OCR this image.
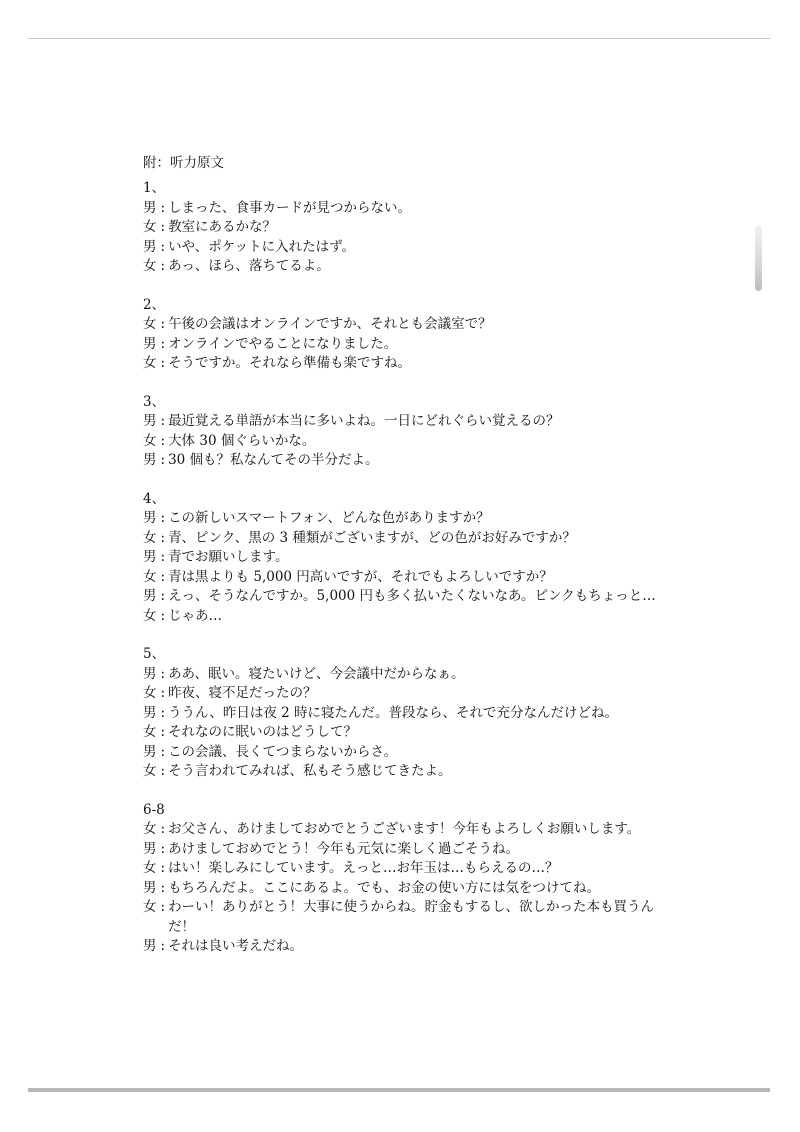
附：听力原文
1、
男 : しまった、食事カードが見つからない。
女 : 教室にあるかな？
男 : いや、ポケットに入れたはず。
女 : あっ、ほら、落ちてるよ。
2、
女 : 午後の会議はオンラインですか、それとも会議室で？
男 : オンラインでやることになりました。
女 : そうですか。それなら準備も楽ですね。
3、
男 : 最近覚える単語が本当に多いよね。一日にどれぐらい覚えるの？
女 : 大体 30 個ぐらいかな。
男 : 30 個も？私なんてその半分だよ。
4、
男 : この新しいスマートフォン、どんな色がありますか？
女 : 青、ピンク、黒の 3 種類がございますが、どの色がお好みですか？
男 : 青でお願いします。
女 : 青は黒よりも 5,000 円高いですが、それでもよろしいですか？
男 : えっ、そうなんですか。5,000 円も多く払いたくないなあ。ピンクもちょっと…
女 : じゃあ…
5、
男 : ああ、眠い。寝たいけど、今会議中だからなぁ。
女 : 昨夜、寝不足だったの？
男 : ううん、昨日は夜 2 時に寝たんだ。普段なら、それで充分なんだけどね。
女 : それなのに眠いのはどうして？
男 : この会議、長くてつまらないからさ。
女 : そう言われてみれば、私もそう感じてきたよ。
6-8
女 : お父さん、あけましておめでとうございます！今年もよろしくお願いします。
男 : あけましておめでとう！今年も元気に楽しく過ごそうね。
女 : はい！楽しみにしています。えっと…お年玉は…もらえるの…？
男 : もちろんだよ。ここにあるよ。でも、お金の使い方には気をつけてね。
女 : わーい！ありがとう！大事に使うからね。貯金もするし、欲しかった本も買うんだ！
男 : それは良い考えだね。
